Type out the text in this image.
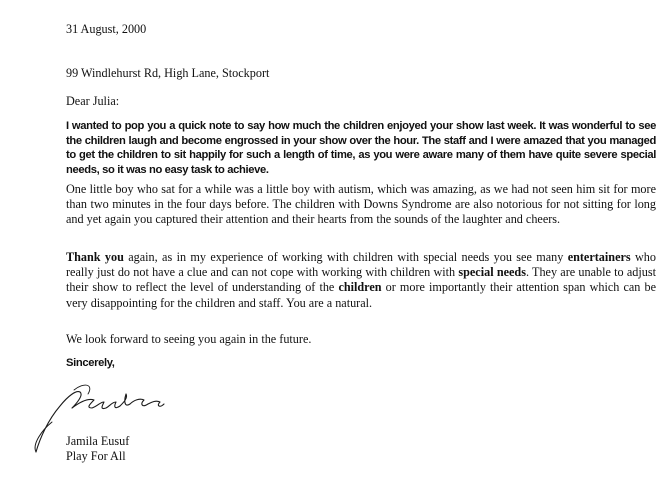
31 August, 2000

99 Windlehurst Rd, High Lane, Stockport

Dear Julia:

I wanted to pop you a quick note to say how much the children enjoyed your show last week. It was wonderful to see the children laugh and become engrossed in your show over the hour. The staff and I were amazed that you managed to get the children to sit happily for such a length of time, as you were aware many of them have quite severe special needs, so it was no easy task to achieve.

One little boy who sat for a while was a little boy with autism, which was amazing, as we had not seen him sit for more than two minutes in the four days before. The children with Downs Syndrome are also notorious for not sitting for long and yet again you captured their attention and their hearts from the sounds of the laughter and cheers.

Thank you again, as in my experience of working with children with special needs you see many entertainers who really just do not have a clue and can not cope with working with children with special needs. They are unable to adjust their show to reflect the level of understanding of the children or more importantly their attention span which can be very disappointing for the children and staff. You are a natural.

We look forward to seeing you again in the future.

Sincerely,

Jamila Eusuf

Play For All
